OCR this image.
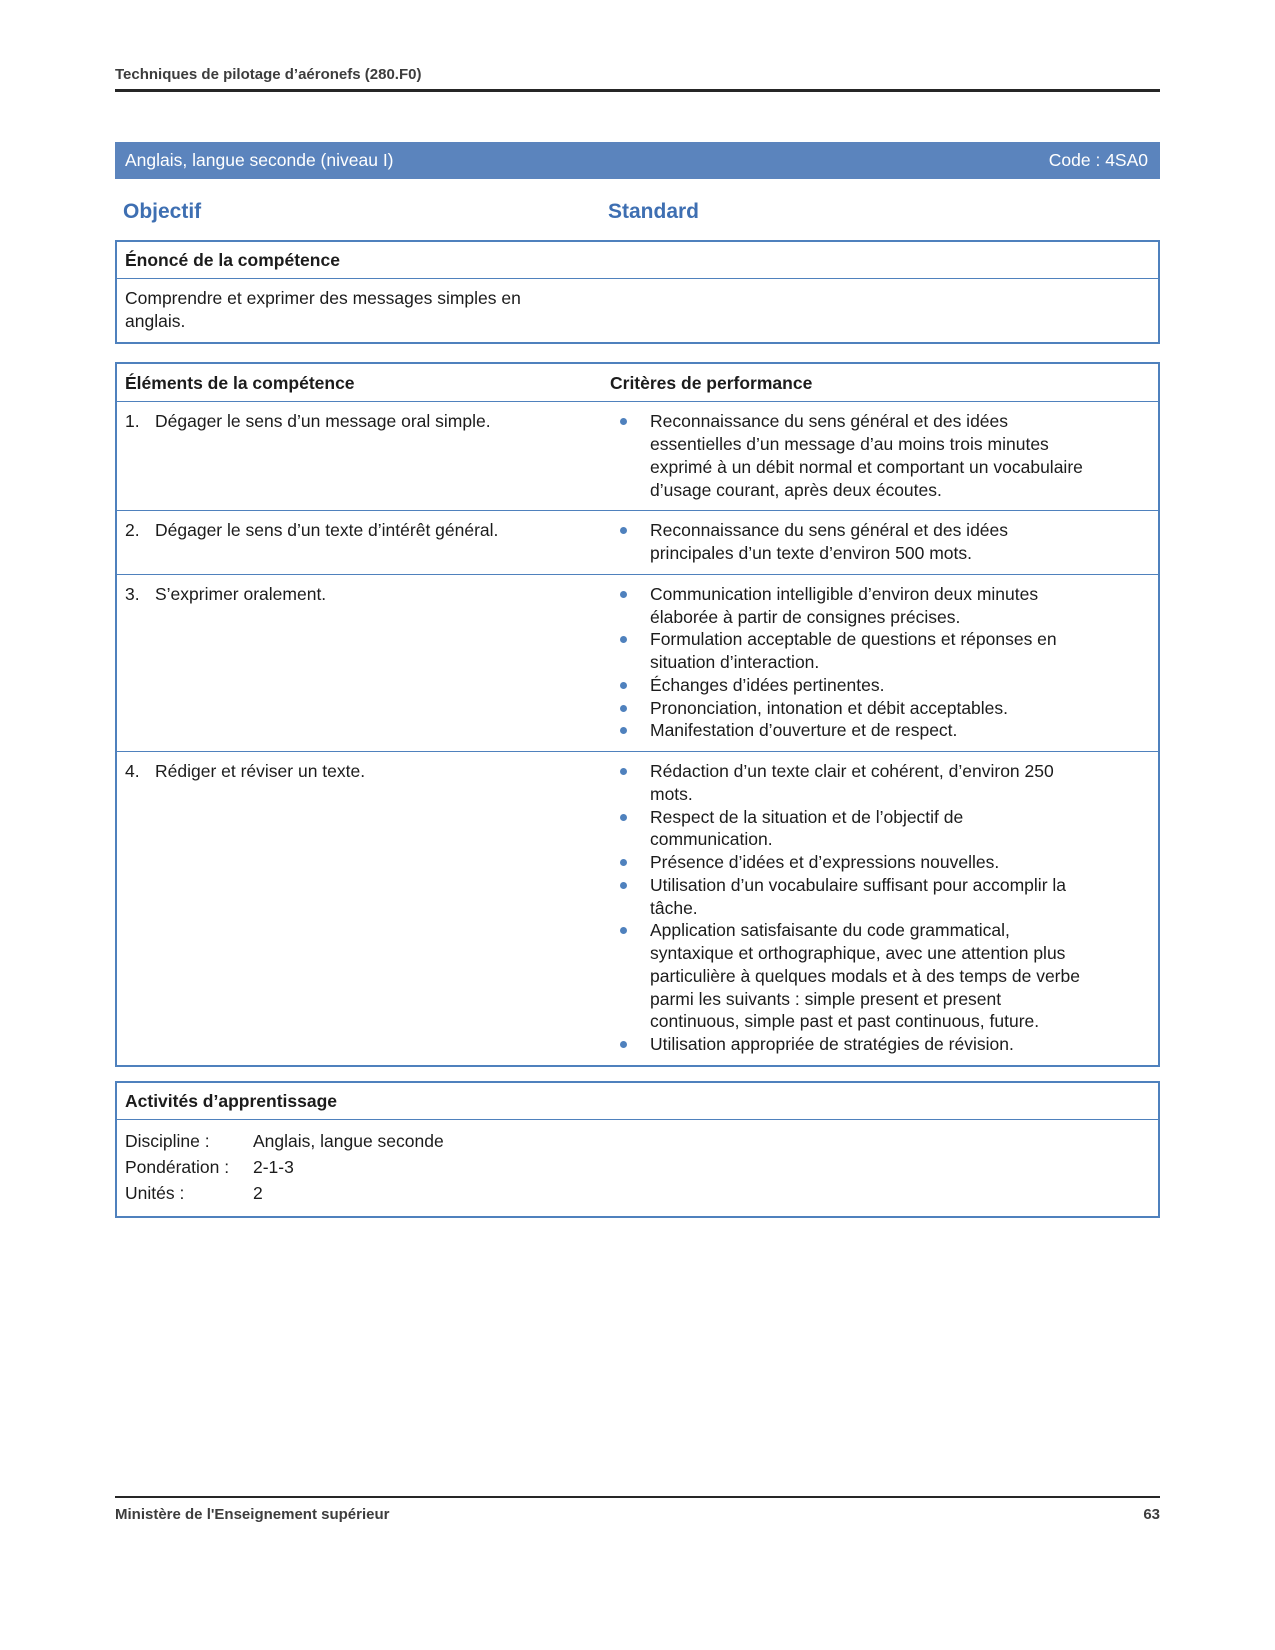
Techniques de pilotage d’aéronefs (280.F0)
Anglais, langue seconde (niveau I)	Code : 4SA0
Objectif	Standard
Énoncé de la compétence
Comprendre et exprimer des messages simples en anglais.
Éléments de la compétence	Critères de performance
1. Dégager le sens d’un message oral simple.	Reconnaissance du sens général et des idées essentielles d’un message d’au moins trois minutes exprimé à un débit normal et comportant un vocabulaire d’usage courant, après deux écoutes.
2. Dégager le sens d’un texte d’intérêt général.	Reconnaissance du sens général et des idées principales d’un texte d’environ 500 mots.
3. S’exprimer oralement.	Communication intelligible d’environ deux minutes élaborée à partir de consignes précises.
Formulation acceptable de questions et réponses en situation d’interaction.
Échanges d’idées pertinentes.
Prononciation, intonation et débit acceptables.
Manifestation d’ouverture et de respect.
4. Rédiger et réviser un texte.	Rédaction d’un texte clair et cohérent, d’environ 250 mots.
Respect de la situation et de l’objectif de communication.
Présence d’idées et d’expressions nouvelles.
Utilisation d’un vocabulaire suffisant pour accomplir la tâche.
Application satisfaisante du code grammatical, syntaxique et orthographique, avec une attention plus particulière à quelques modals et à des temps de verbe parmi les suivants : simple present et present continuous, simple past et past continuous, future.
Utilisation appropriée de stratégies de révision.
Activités d’apprentissage
Discipline :	Anglais, langue seconde
Pondération :	2-1-3
Unités :	2
Ministère de l'Enseignement supérieur	63
